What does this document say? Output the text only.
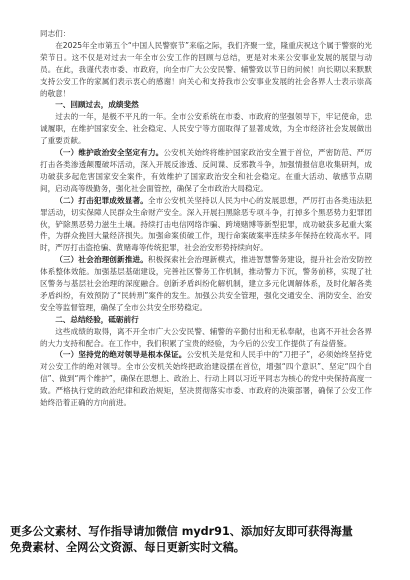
同志们：

在2025年全市第五个“中国人民警察节”来临之际，我们齐聚一堂，隆重庆祝这个属于警察的光荣节日。这不仅是对过去一年全市公安工作的回顾与总结，更是对未来公安事业发展的展望与动员。在此，我谨代表市委、市政府，向全市广大公安民警、辅警致以节日的问候！向长期以来默默支持公安工作的家属们表示衷心的感谢！向关心和支持我市公安事业发展的社会各界人士表示崇高的敬意！

一、回顾过去，成绩斐然

过去的一年，是极不平凡的一年。全市公安系统在市委、市政府的坚强领导下，牢记使命，忠诚履职，在维护国家安全、社会稳定、人民安宁等方面取得了显著成效，为全市经济社会发展做出了重要贡献。

（一）维护政治安全坚定有力。公安机关始终将维护国家政治安全置于首位，严密防范、严厉打击各类渗透颠覆破坏活动，深入开展反渗透、反间谍、反邪教斗争，加强情报信息收集研判，成功破获多起危害国家安全案件，有效维护了国家政治安全和社会稳定。在重大活动、敏感节点期间，启动高等级勤务，强化社会面管控，确保了全市政治大局稳定。

（二）打击犯罪成效显著。全市公安机关坚持以人民为中心的发展思想，严厉打击各类违法犯罪活动，切实保障人民群众生命财产安全。深入开展扫黑除恶专项斗争，打掉多个黑恶势力犯罪团伙，铲除黑恶势力滋生土壤。持续打击电信网络诈骗、跨境赌博等新型犯罪，成功破获多起重大案件，为群众挽回大量经济损失。加强命案侦破工作，现行命案破案率连续多年保持在较高水平。同时，严厉打击盗抢骗、黄赌毒等传统犯罪，社会治安形势持续向好。

（三）社会治理创新推进。积极探索社会治理新模式，推进智慧警务建设，提升社会治安防控体系整体效能。加强基层基础建设，完善社区警务工作机制，推动警力下沉，警务前移，实现了社区警务与基层社会治理的深度融合。创新矛盾纠纷化解机制，建立多元化调解体系，及时化解各类矛盾纠纷，有效预防了“民转刑”案件的发生。加强公共安全管理，强化交通安全、消防安全、治安安全等监督管理，确保了全市公共安全形势稳定。

二、总结经验，砥砺前行

这些成绩的取得，离不开全市广大公安民警、辅警的辛勤付出和无私奉献，也离不开社会各界的大力支持和配合。在工作中，我们积累了宝贵的经验，为今后的公安工作提供了有益借鉴。

（一）坚持党的绝对领导是根本保证。公安机关是党和人民手中的“刀把子”，必须始终坚持党对公安工作的绝对领导。全市公安机关始终把政治建设摆在首位，增强“四个意识”、坚定“四个自信”、做到“两个维护”，确保在思想上、政治上、行动上同以习近平同志为核心的党中央保持高度一致。严格执行党的政治纪律和政治规矩，坚决贯彻落实市委、市政府的决策部署，确保了公安工作始终沿着正确的方向前进。

更多公文素材、写作指导请加微信 mydr91、添加好友即可获得海量

免费素材、全网公文资源、每日更新实时文稿。
